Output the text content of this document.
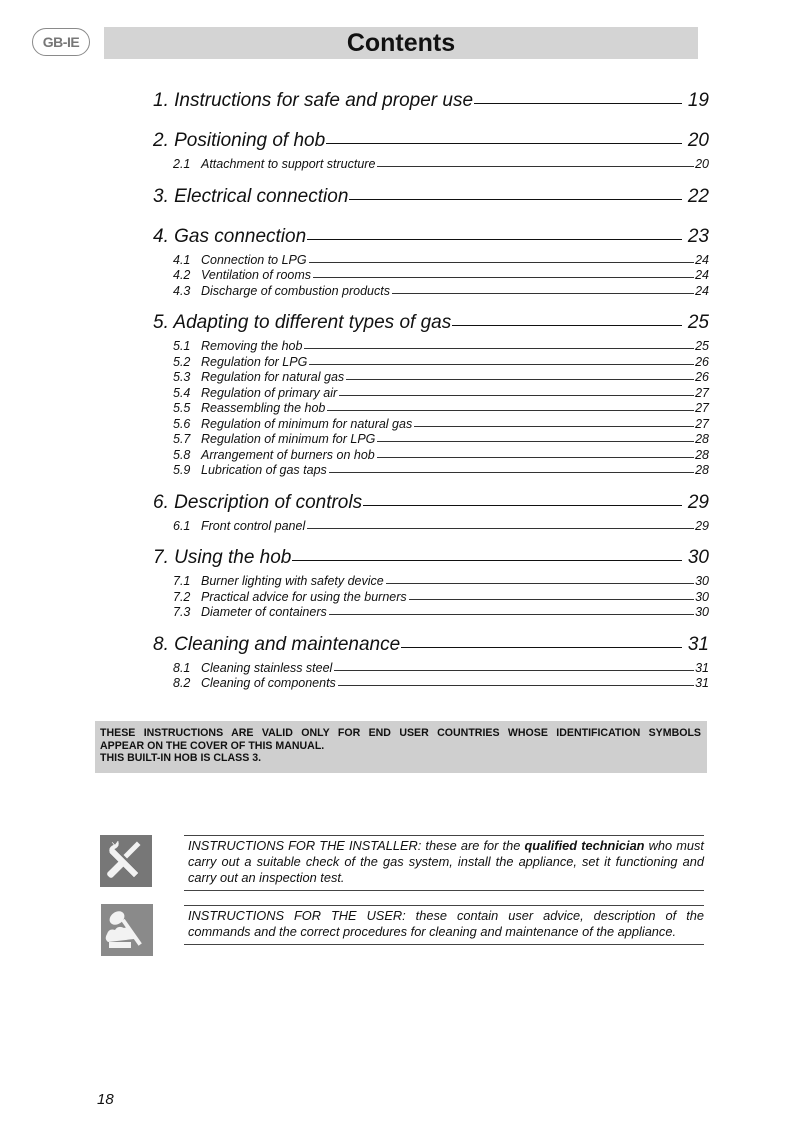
GB-IE	Contents
1. Instructions for safe and proper use	19
2. Positioning of hob	20
2.1 Attachment to support structure	20
3. Electrical connection	22
4. Gas connection	23
4.1 Connection to LPG	24
4.2 Ventilation of rooms	24
4.3 Discharge of combustion products	24
5. Adapting to different types of gas	25
5.1 Removing the hob	25
5.2 Regulation for LPG	26
5.3 Regulation for natural gas	26
5.4 Regulation of primary air	27
5.5 Reassembling the hob	27
5.6 Regulation of minimum for natural gas	27
5.7 Regulation of minimum for LPG	28
5.8 Arrangement of burners on hob	28
5.9 Lubrication of gas taps	28
6. Description of controls	29
6.1 Front control panel	29
7. Using the hob	30
7.1 Burner lighting with safety device	30
7.2 Practical advice for using the burners	30
7.3 Diameter of containers	30
8. Cleaning and maintenance	31
8.1 Cleaning stainless steel	31
8.2 Cleaning of components	31
THESE INSTRUCTIONS ARE VALID ONLY FOR END USER COUNTRIES WHOSE IDENTIFICATION SYMBOLS
APPEAR ON THE COVER OF THIS MANUAL.
THIS BUILT-IN HOB IS CLASS 3.
INSTRUCTIONS FOR THE INSTALLER: these are for the qualified technician who must carry out a suitable check of the gas system, install the appliance, set it functioning and carry out an inspection test.
INSTRUCTIONS FOR THE USER: these contain user advice, description of the commands and the correct procedures for cleaning and maintenance of the appliance.
18
